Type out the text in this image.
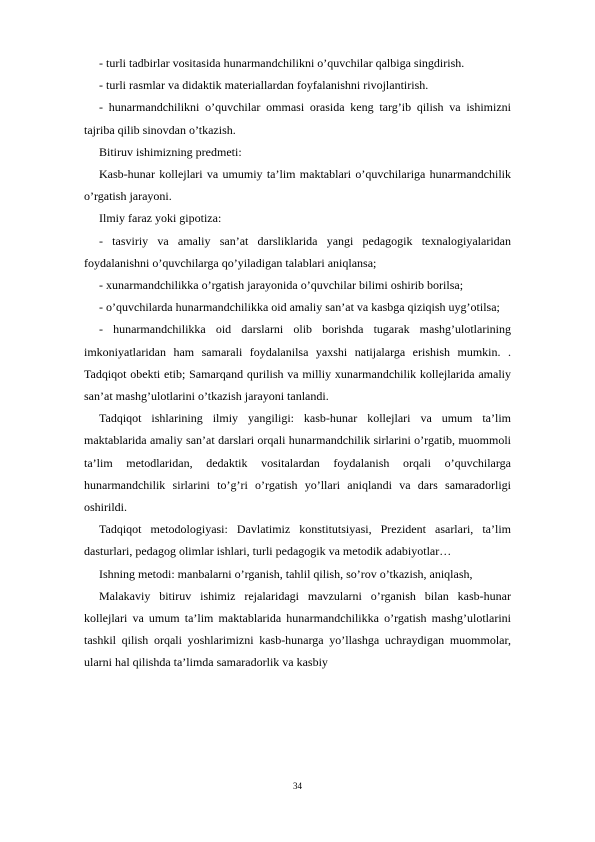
- turli tadbirlar vositasida hunarmandchilikni o’quvchilar qalbiga singdirish.

- turli rasmlar va didaktik materiallardan foyfalanishni rivojlantirish.

- hunarmandchilikni o’quvchilar ommasi orasida keng targ’ib qilish va ishimizni tajriba qilib sinovdan o’tkazish.

Bitiruv ishimizning predmeti:

Kasb-hunar kollejlari va umumiy ta’lim maktablari o’quvchilariga hunarmandchilik o’rgatish jarayoni.

Ilmiy faraz yoki gipotiza:

- tasviriy va amaliy san’at darsliklarida yangi pedagogik texnalogiyalaridan foydalanishni o’quvchilarga qo’yiladigan talablari aniqlansa;

- xunarmandchilikka o’rgatish jarayonida o’quvchilar bilimi oshirib borilsa;

- o’quvchilarda hunarmandchilikka oid amaliy san’at va kasbga qiziqish uyg’otilsa;

- hunarmandchilikka oid darslarni olib borishda tugarak mashg’ulotlarining imkoniyatlaridan ham samarali foydalanilsa yaxshi natijalarga erishish mumkin. . Tadqiqot obekti etib; Samarqand qurilish va milliy xunarmandchilik kollejlarida amaliy san’at mashg’ulotlarini o’tkazish jarayoni tanlandi.

Tadqiqot ishlarining ilmiy yangiligi: kasb-hunar kollejlari va umum ta’lim maktablarida amaliy san’at darslari orqali hunarmandchilik sirlarini o’rgatib, muommoli ta’lim metodlaridan, dedaktik vositalardan foydalanish orqali o’quvchilarga hunarmandchilik sirlarini to’g’ri o’rgatish yo’llari aniqlandi va dars samaradorligi oshirildi.

Tadqiqot metodologiyasi: Davlatimiz konstitutsiyasi, Prezident asarlari, ta’lim dasturlari, pedagog olimlar ishlari, turli pedagogik va metodik adabiyotlar…

Ishning metodi: manbalarni o’rganish, tahlil qilish, so’rov o’tkazish, aniqlash,

Malakaviy bitiruv ishimiz rejalaridagi mavzularni o’rganish bilan kasb-hunar kollejlari va umum ta’lim maktablarida hunarmandchilikka o’rgatish mashg’ulotlarini tashkil qilish orqali yoshlarimizni kasb-hunarga yo’llashga uchraydigan muommolar, ularni hal qilishda ta’limda samaradorlik va kasbiy

34
